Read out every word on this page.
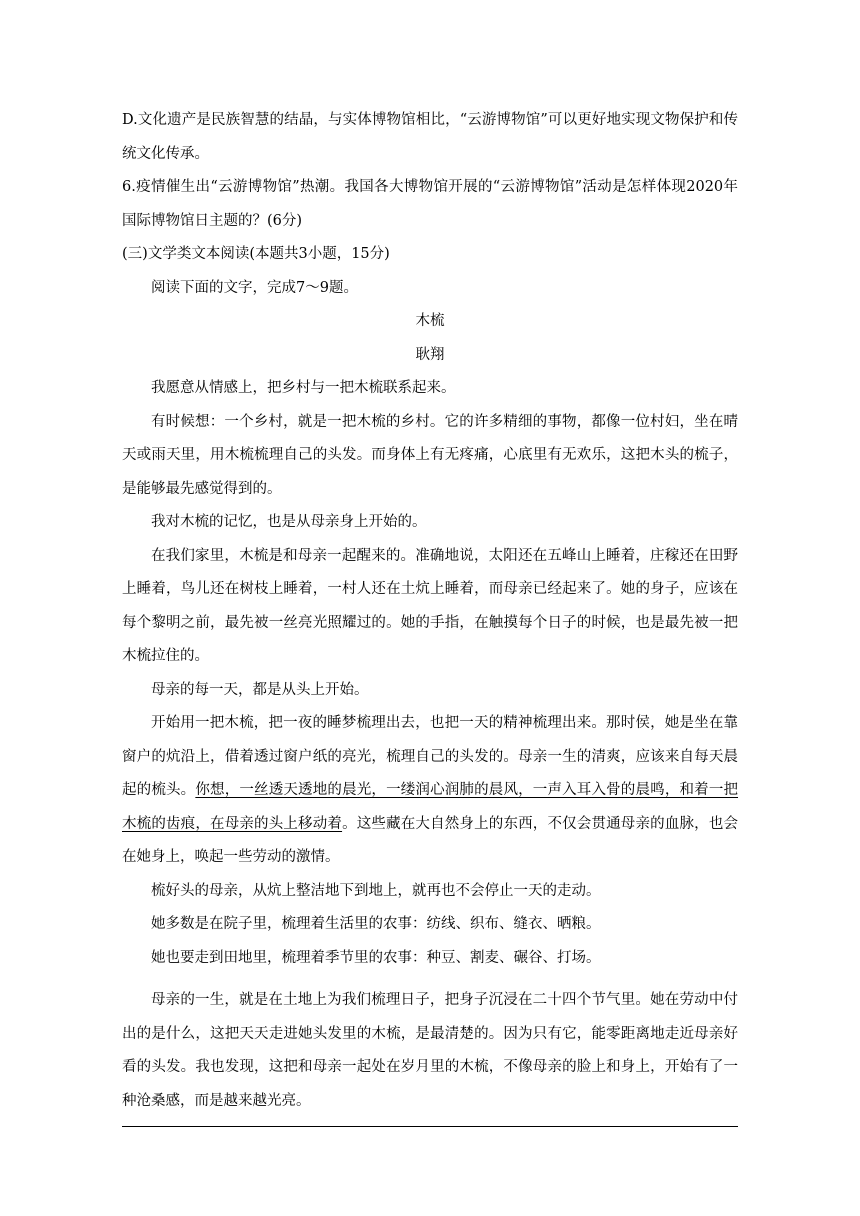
D.文化遗产是民族智慧的结晶，与实体博物馆相比，“云游博物馆”可以更好地实现文物保护和传统文化传承。

6.疫情催生出“云游博物馆”热潮。我国各大博物馆开展的“云游博物馆”活动是怎样体现2020年国际博物馆日主题的？(6分)

(三)文学类文本阅读(本题共3小题，15分)

阅读下面的文字，完成7～9题。

木梳

耿翔

我愿意从情感上，把乡村与一把木梳联系起来。

有时候想：一个乡村，就是一把木梳的乡村。它的许多精细的事物，都像一位村妇，坐在晴天或雨天里，用木梳梳理自己的头发。而身体上有无疼痛，心底里有无欢乐，这把木头的梳子，是能够最先感觉得到的。

我对木梳的记忆，也是从母亲身上开始的。

在我们家里，木梳是和母亲一起醒来的。准确地说，太阳还在五峰山上睡着，庄稼还在田野上睡着，鸟儿还在树枝上睡着，一村人还在土炕上睡着，而母亲已经起来了。她的身子，应该在每个黎明之前，最先被一丝亮光照耀过的。她的手指，在触摸每个日子的时候，也是最先被一把木梳拉住的。

母亲的每一天，都是从头上开始。

开始用一把木梳，把一夜的睡梦梳理出去，也把一天的精神梳理出来。那时侯，她是坐在靠窗户的炕沿上，借着透过窗户纸的亮光，梳理自己的头发的。母亲一生的清爽，应该来自每天晨起的梳头。你想，一丝透天透地的晨光，一缕润心润肺的晨风，一声入耳入骨的晨鸣，和着一把木梳的齿痕，在母亲的头上移动着。这些藏在大自然身上的东西，不仅会贯通母亲的血脉，也会在她身上，唤起一些劳动的激情。

梳好头的母亲，从炕上整洁地下到地上，就再也不会停止一天的走动。

她多数是在院子里，梳理着生活里的农事：纺线、织布、缝衣、晒粮。

她也要走到田地里，梳理着季节里的农事：种豆、割麦、碾谷、打场。

母亲的一生，就是在土地上为我们梳理日子，把身子沉浸在二十四个节气里。她在劳动中付出的是什么，这把天天走进她头发里的木梳，是最清楚的。因为只有它，能零距离地走近母亲好看的头发。我也发现，这把和母亲一起处在岁月里的木梳，不像母亲的脸上和身上，开始有了一种沧桑感，而是越来越光亮。
